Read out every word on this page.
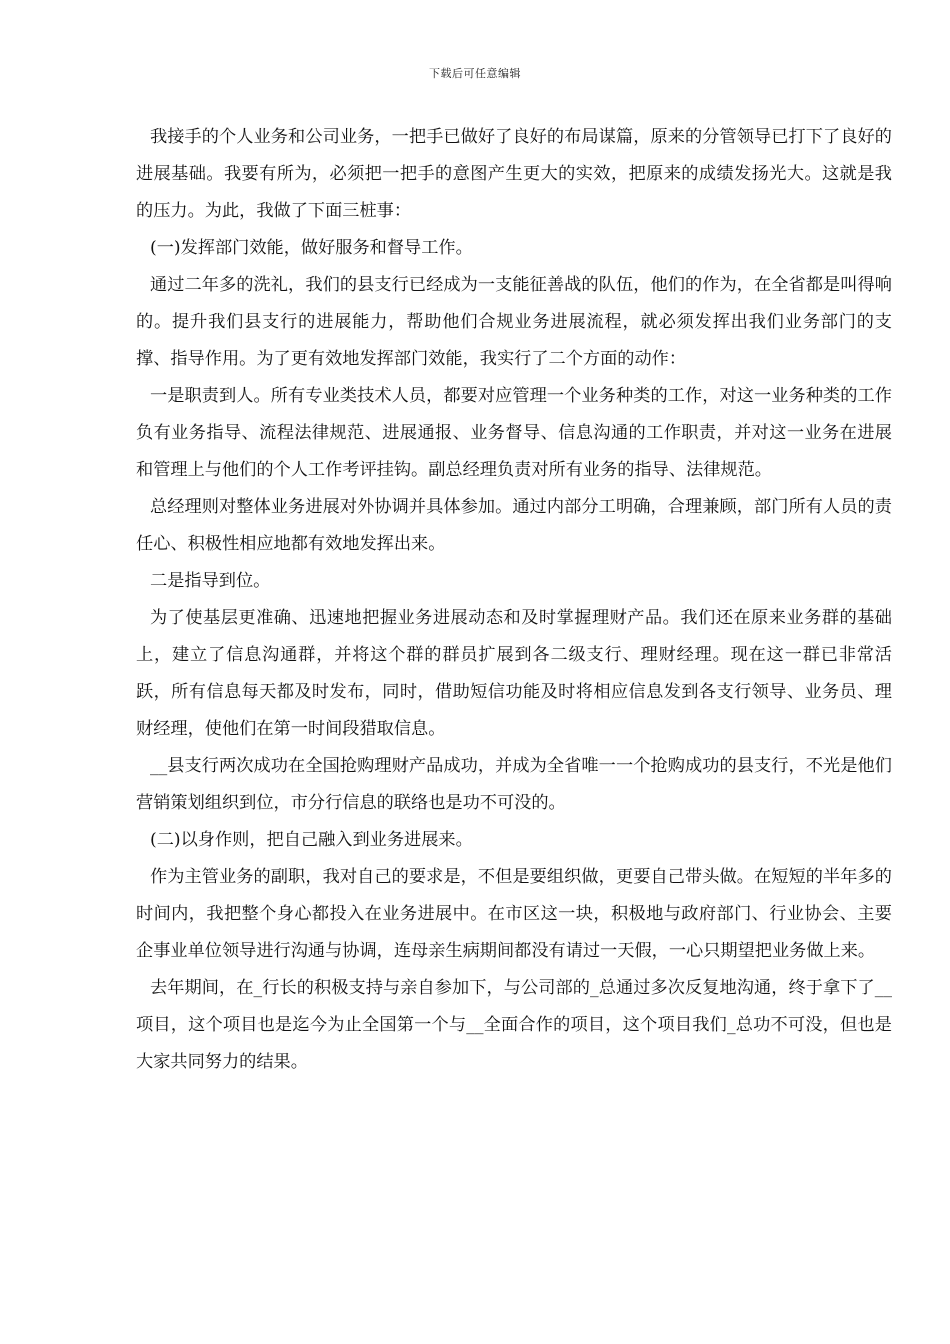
下载后可任意编辑

我接手的个人业务和公司业务，一把手已做好了良好的布局谋篇，原来的分管领导已打下了良好的进展基础。我要有所为，必须把一把手的意图产生更大的实效，把原来的成绩发扬光大。这就是我的压力。为此，我做了下面三桩事：

(一)发挥部门效能，做好服务和督导工作。

通过二年多的洗礼，我们的县支行已经成为一支能征善战的队伍，他们的作为，在全省都是叫得响的。提升我们县支行的进展能力，帮助他们合规业务进展流程，就必须发挥出我们业务部门的支撑、指导作用。为了更有效地发挥部门效能，我实行了二个方面的动作：

一是职责到人。所有专业类技术人员，都要对应管理一个业务种类的工作，对这一业务种类的工作负有业务指导、流程法律规范、进展通报、业务督导、信息沟通的工作职责，并对这一业务在进展和管理上与他们的个人工作考评挂钩。副总经理负责对所有业务的指导、法律规范。

总经理则对整体业务进展对外协调并具体参加。通过内部分工明确，合理兼顾，部门所有人员的责任心、积极性相应地都有效地发挥出来。

二是指导到位。

为了使基层更准确、迅速地把握业务进展动态和及时掌握理财产品。我们还在原来业务群的基础上，建立了信息沟通群，并将这个群的群员扩展到各二级支行、理财经理。现在这一群已非常活跃，所有信息每天都及时发布，同时，借助短信功能及时将相应信息发到各支行领导、业务员、理财经理，使他们在第一时间段猎取信息。

__县支行两次成功在全国抢购理财产品成功，并成为全省唯一一个抢购成功的县支行，不光是他们营销策划组织到位，市分行信息的联络也是功不可没的。

(二)以身作则，把自己融入到业务进展来。

作为主管业务的副职，我对自己的要求是，不但是要组织做，更要自己带头做。在短短的半年多的时间内，我把整个身心都投入在业务进展中。在市区这一块，积极地与政府部门、行业协会、主要企事业单位领导进行沟通与协调，连母亲生病期间都没有请过一天假，一心只期望把业务做上来。

去年期间，在_行长的积极支持与亲自参加下，与公司部的_总通过多次反复地沟通，终于拿下了__项目，这个项目也是迄今为止全国第一个与__全面合作的项目，这个项目我们_总功不可没，但也是大家共同努力的结果。
